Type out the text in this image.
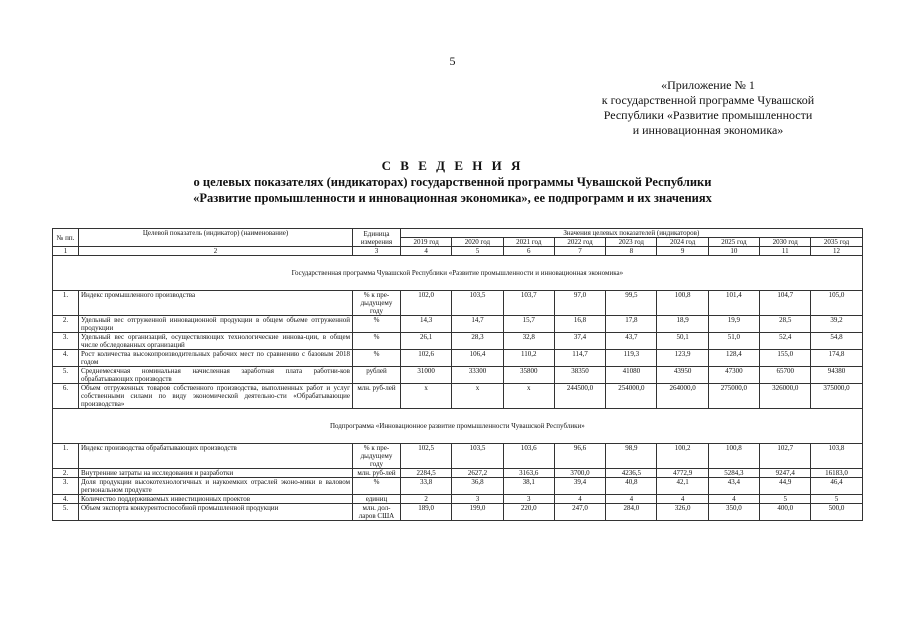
5
«Приложение № 1
к государственной программе Чувашской
Республики «Развитие промышленности
и инновационная экономика»
С В Е Д Е Н И Я
о целевых показателях (индикаторах) государственной программы Чувашской Республики
«Развитие промышленности и инновационная экономика», ее подпрограмм и их значениях
№ пп.	Целевой показатель (индикатор) (наименование)	Единица измерения	Значения целевых показателей (индикаторов)								
			2019 год	2020 год	2021 год	2022 год	2023 год	2024 год	2025 год	2030 год	2035 год
1	2	3	4	5	6	7	8	9	10	11	12
Государственная программа Чувашской Республики «Развитие промышленности и инновационная экономика»											
1.	Индекс промышленного производства	% к пре-дыдущему году	102,0	103,5	103,7	97,0	99,5	100,8	101,4	104,7	105,0
2.	Удельный вес отгруженной инновационной продукции в общем объеме отгруженной продукции	%	14,3	14,7	15,7	16,8	17,8	18,9	19,9	28,5	39,2
3.	Удельный вес организаций, осуществляющих технологические иннова-ции, в общем числе обследованных организаций	%	26,1	28,3	32,8	37,4	43,7	50,1	51,0	52,4	54,8
4.	Рост количества высокопроизводительных рабочих мест по сравнению с базовым 2018 годом	%	102,6	106,4	110,2	114,7	119,3	123,9	128,4	155,0	174,8
5.	Среднемесячная номинальная начисленная заработная плата работни-ков обрабатывающих производств	рублей	31000	33300	35800	38350	41080	43950	47300	65700	94380
6.	Объем отгруженных товаров собственного производства, выполненных работ и услуг собственными силами по виду экономической деятельно-сти «Обрабатывающие производства»	млн. руб-лей	x	x	x	244500,0	254000,0	264000,0	275000,0	326000,0	375000,0
Подпрограмма «Инновационное развитие промышленности Чувашской Республики»											
1.	Индекс производства обрабатывающих производств	% к пре-дыдущему году	102,5	103,5	103,6	96,6	98,9	100,2	100,8	102,7	103,8
2.	Внутренние затраты на исследования и разработки	млн. руб-лей	2284,5	2627,2	3163,6	3700,0	4236,5	4772,9	5284,3	9247,4	16183,0
3.	Доля продукции высокотехнологичных и наукоемких отраслей эконо-мики в валовом региональном продукте	%	33,8	36,8	38,1	39,4	40,8	42,1	43,4	44,9	46,4
4.	Количество поддерживаемых инвестиционных проектов	единиц	2	3	3	4	4	4	4	5	5
5.	Объем экспорта конкурентоспособной промышленной продукции	млн. дол-ларов США	189,0	199,0	220,0	247,0	284,0	326,0	350,0	400,0	500,0
